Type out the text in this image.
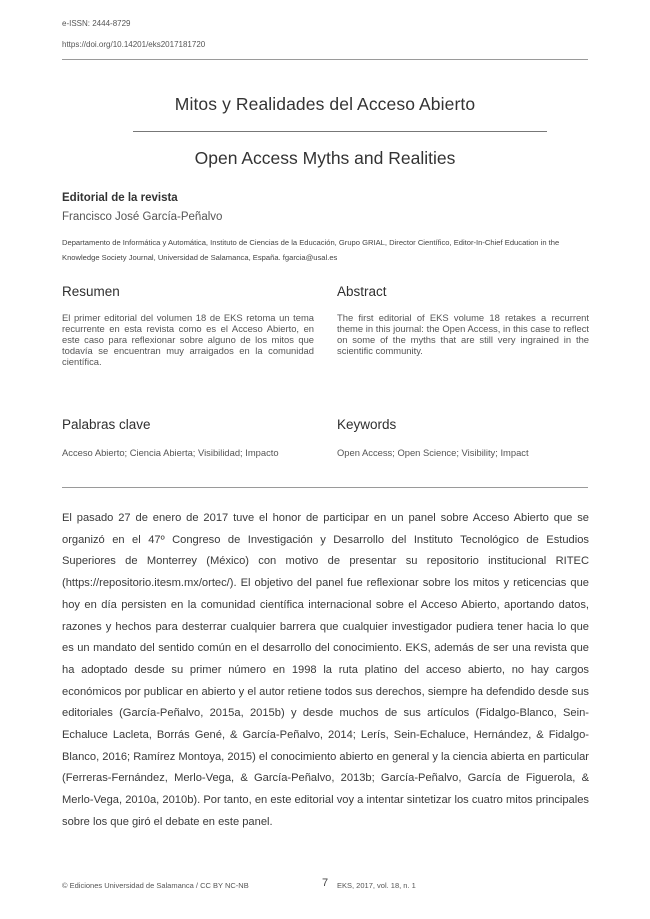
e-ISSN: 2444-8729
https://doi.org/10.14201/eks2017181720
Mitos y Realidades del Acceso Abierto
Open Access Myths and Realities
Editorial de la revista
Francisco José García-Peñalvo
Departamento de Informática y Automática, Instituto de Ciencias de la Educación, Grupo GRIAL, Director Científico, Editor-In-Chief Education in the Knowledge Society Journal, Universidad de Salamanca, España. fgarcia@usal.es
Resumen
El primer editorial del volumen 18 de EKS retoma un tema recurrente en esta revista como es el Acceso Abierto, en este caso para reflexionar sobre alguno de los mitos que todavía se encuentran muy arraigados en la comunidad científica.
Abstract
The first editorial of EKS volume 18 retakes a recurrent theme in this journal: the Open Access, in this case to reflect on some of the myths that are still very ingrained in the scientific community.
Palabras clave
Acceso Abierto; Ciencia Abierta; Visibilidad; Impacto
Keywords
Open Access; Open Science; Visibility; Impact
El pasado 27 de enero de 2017 tuve el honor de participar en un panel sobre Acceso Abierto que se organizó en el 47º Congreso de Investigación y Desarrollo del Instituto Tecnológico de Estudios Superiores de Monterrey (México) con motivo de presentar su repositorio institucional RITEC (https://repositorio.itesm.mx/ortec/). El objetivo del panel fue reflexionar sobre los mitos y reticencias que hoy en día persisten en la comunidad científica internacional sobre el Acceso Abierto, aportando datos, razones y hechos para desterrar cualquier barrera que cualquier investigador pudiera tener hacia lo que es un mandato del sentido común en el desarrollo del conocimiento. EKS, además de ser una revista que ha adoptado desde su primer número en 1998 la ruta platino del acceso abierto, no hay cargos económicos por publicar en abierto y el autor retiene todos sus derechos, siempre ha defendido desde sus editoriales (García-Peñalvo, 2015a, 2015b) y desde muchos de sus artículos (Fidalgo-Blanco, Sein-Echaluce Lacleta, Borrás Gené, & García-Peñalvo, 2014; Lerís, Sein-Echaluce, Hernández, & Fidalgo-Blanco, 2016; Ramírez Montoya, 2015) el conocimiento abierto en general y la ciencia abierta en particular (Ferreras-Fernández, Merlo-Vega, & García-Peñalvo, 2013b; García-Peñalvo, García de Figuerola, & Merlo-Vega, 2010a, 2010b). Por tanto, en este editorial voy a intentar sintetizar los cuatro mitos principales sobre los que giró el debate en este panel.
© Ediciones Universidad de Salamanca / CC BY NC-NB	7	EKS, 2017, vol. 18, n. 1
